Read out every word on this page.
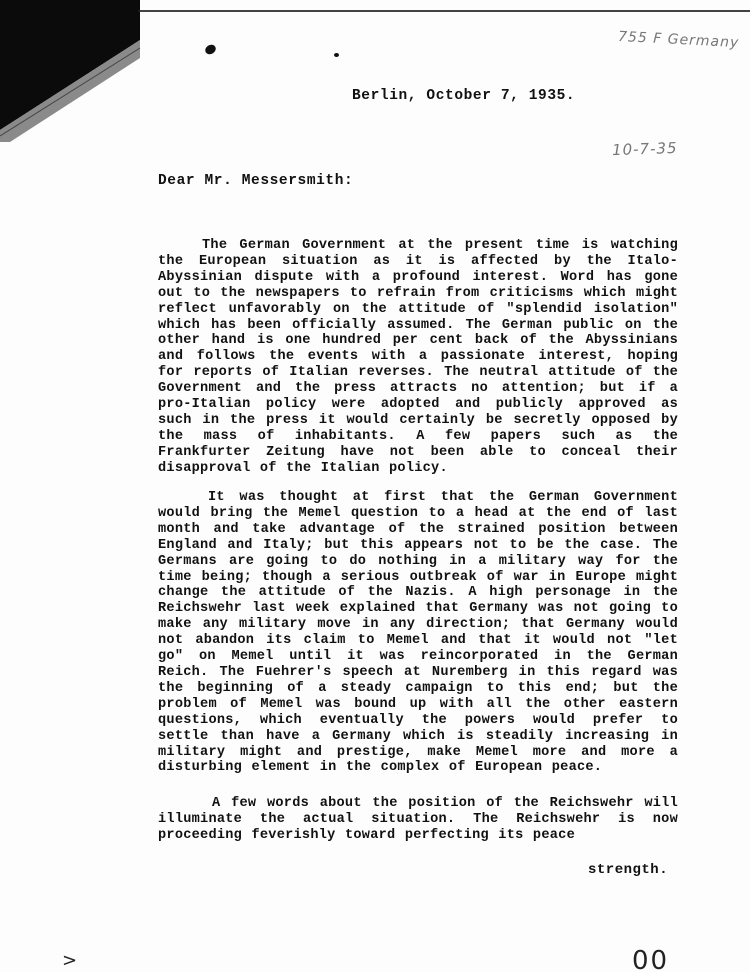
755 F Germany
Berlin, October 7, 1935.
10-7-35
Dear Mr. Messersmith:
The German Government at the present time is watching the European situation as it is affected by the Italo-Abyssinian dispute with a profound interest. Word has gone out to the newspapers to refrain from criticisms which might reflect unfavorably on the attitude of "splendid isolation" which has been officially assumed. The German public on the other hand is one hundred per cent back of the Abyssinians and follows the events with a passionate interest, hoping for reports of Italian reverses. The neutral attitude of the Government and the press attracts no attention; but if a pro-Italian policy were adopted and publicly approved as such in the press it would certainly be secretly opposed by the mass of inhabitants. A few papers such as the Frankfurter Zeitung have not been able to conceal their disapproval of the Italian policy.
It was thought at first that the German Government would bring the Memel question to a head at the end of last month and take advantage of the strained position between England and Italy; but this appears not to be the case. The Germans are going to do nothing in a military way for the time being; though a serious outbreak of war in Europe might change the attitude of the Nazis. A high personage in the Reichswehr last week explained that Germany was not going to make any military move in any direction; that Germany would not abandon its claim to Memel and that it would not "let go" on Memel until it was reincorporated in the German Reich. The Fuehrer's speech at Nuremberg in this regard was the beginning of a steady campaign to this end; but the problem of Memel was bound up with all the other eastern questions, which eventually the powers would prefer to settle than have a Germany which is steadily increasing in military might and prestige, make Memel more and more a disturbing element in the complex of European peace.
A few words about the position of the Reichswehr will illuminate the actual situation. The Reichswehr is now proceeding feverishly toward perfecting its peace
strength.
>	00
